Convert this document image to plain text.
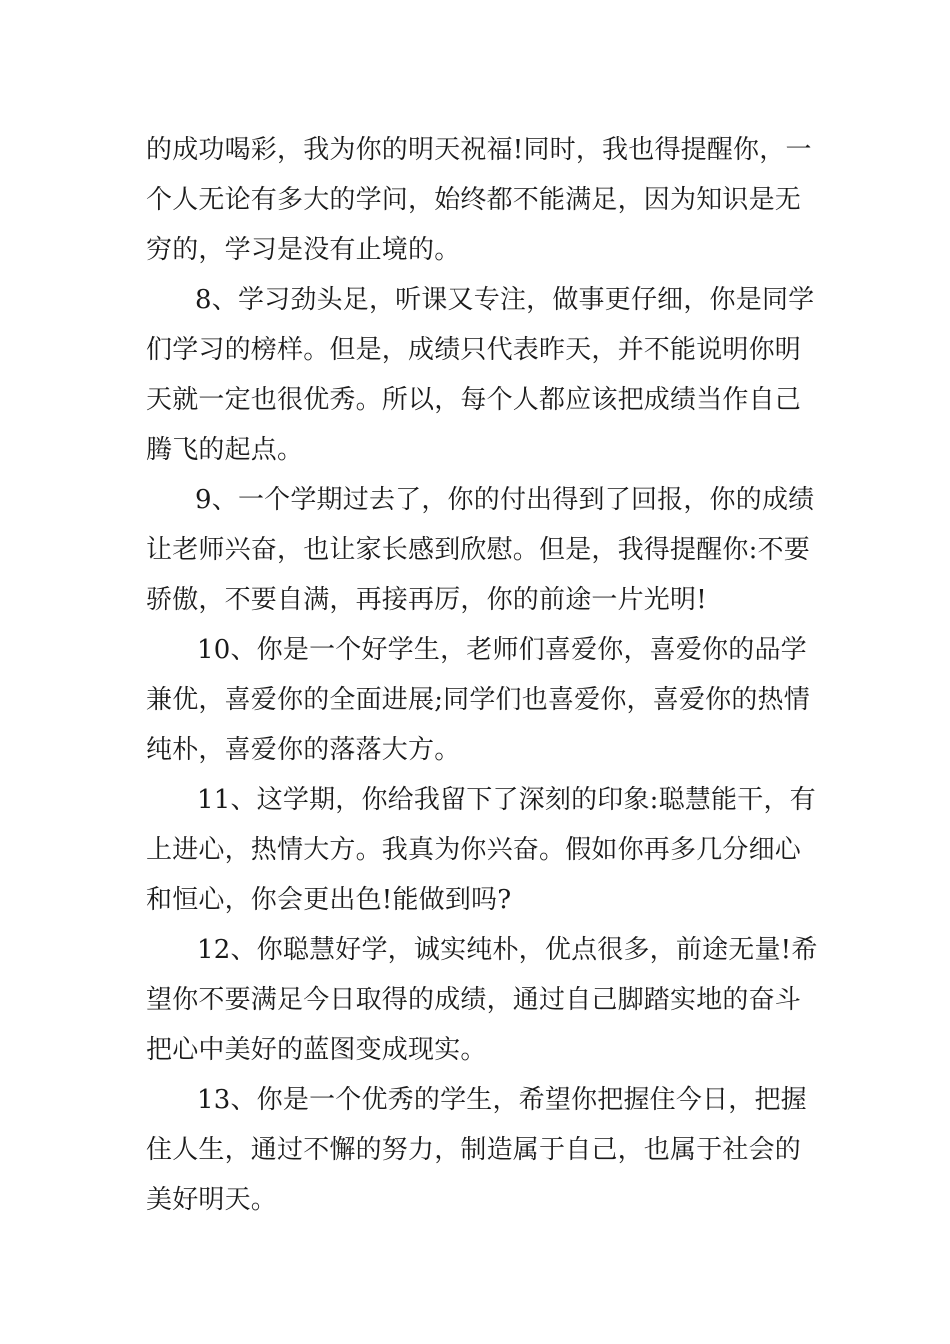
的成功喝彩，我为你的明天祝福!同时，我也得提醒你，一
个人无论有多大的学问，始终都不能满足，因为知识是无
穷的，学习是没有止境的。
8、学习劲头足，听课又专注，做事更仔细，你是同学
们学习的榜样。但是，成绩只代表昨天，并不能说明你明
天就一定也很优秀。所以，每个人都应该把成绩当作自己
腾飞的起点。
9、一个学期过去了，你的付出得到了回报，你的成绩
让老师兴奋，也让家长感到欣慰。但是，我得提醒你:不要
骄傲，不要自满，再接再厉，你的前途一片光明!
10、你是一个好学生，老师们喜爱你，喜爱你的品学
兼优，喜爱你的全面进展;同学们也喜爱你，喜爱你的热情
纯朴，喜爱你的落落大方。
11、这学期，你给我留下了深刻的印象:聪慧能干，有
上进心，热情大方。我真为你兴奋。假如你再多几分细心
和恒心，你会更出色!能做到吗?
12、你聪慧好学，诚实纯朴，优点很多，前途无量!希
望你不要满足今日取得的成绩，通过自己脚踏实地的奋斗
把心中美好的蓝图变成现实。
13、你是一个优秀的学生，希望你把握住今日，把握
住人生，通过不懈的努力，制造属于自己，也属于社会的
美好明天。
